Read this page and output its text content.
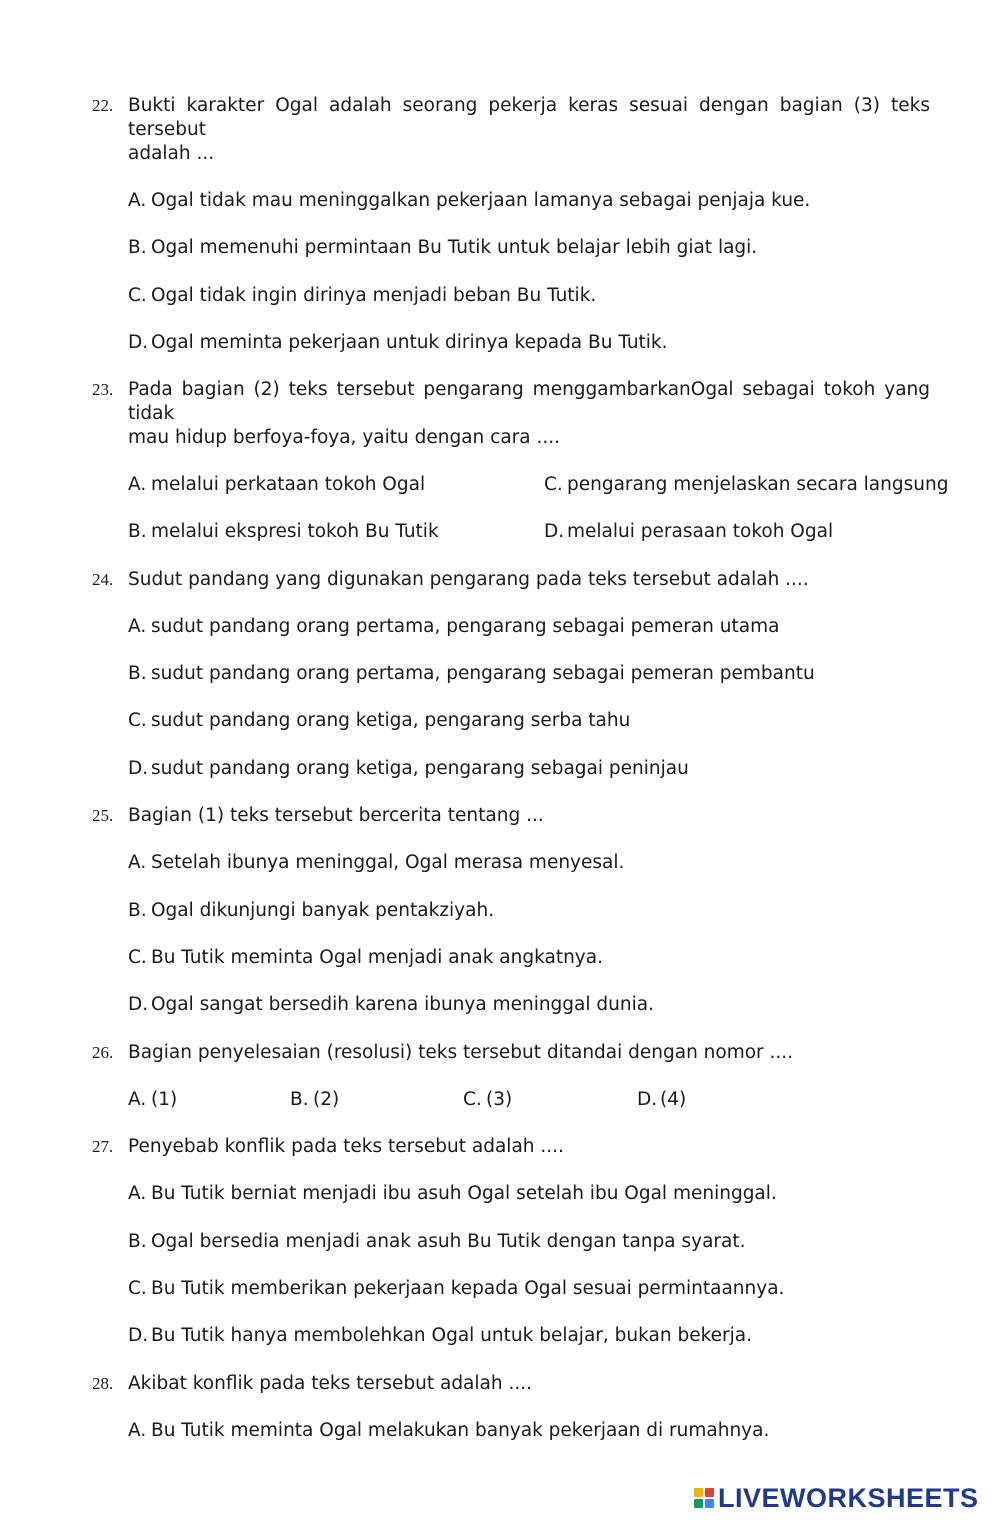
22. Bukti karakter Ogal adalah seorang pekerja keras sesuai dengan bagian (3) teks tersebut
adalah ...
A. Ogal tidak mau meninggalkan pekerjaan lamanya sebagai penjaja kue.
B. Ogal memenuhi permintaan Bu Tutik untuk belajar lebih giat lagi.
C. Ogal tidak ingin dirinya menjadi beban Bu Tutik.
D. Ogal meminta pekerjaan untuk dirinya kepada Bu Tutik.
23. Pada bagian (2) teks tersebut pengarang menggambarkanOgal sebagai tokoh yang tidak
mau hidup berfoya-foya, yaitu dengan cara ....
A. melalui perkataan tokoh Ogal	C. pengarang menjelaskan secara langsung
B. melalui ekspresi tokoh Bu Tutik	D. melalui perasaan tokoh Ogal
24. Sudut pandang yang digunakan pengarang pada teks tersebut adalah ....
A. sudut pandang orang pertama, pengarang sebagai pemeran utama
B. sudut pandang orang pertama, pengarang sebagai pemeran pembantu
C. sudut pandang orang ketiga, pengarang serba tahu
D. sudut pandang orang ketiga, pengarang sebagai peninjau
25. Bagian (1) teks tersebut bercerita tentang ...
A. Setelah ibunya meninggal, Ogal merasa menyesal.
B. Ogal dikunjungi banyak pentakziyah.
C. Bu Tutik meminta Ogal menjadi anak angkatnya.
D. Ogal sangat bersedih karena ibunya meninggal dunia.
26. Bagian penyelesaian (resolusi) teks tersebut ditandai dengan nomor ....
A. (1)	B. (2)	C. (3)	D. (4)
27. Penyebab konflik pada teks tersebut adalah ....
A. Bu Tutik berniat menjadi ibu asuh Ogal setelah ibu Ogal meninggal.
B. Ogal bersedia menjadi anak asuh Bu Tutik dengan tanpa syarat.
C. Bu Tutik memberikan pekerjaan kepada Ogal sesuai permintaannya.
D. Bu Tutik hanya membolehkan Ogal untuk belajar, bukan bekerja.
28. Akibat konflik pada teks tersebut adalah ....
A. Bu Tutik meminta Ogal melakukan banyak pekerjaan di rumahnya.
LIVEWORKSHEETS
